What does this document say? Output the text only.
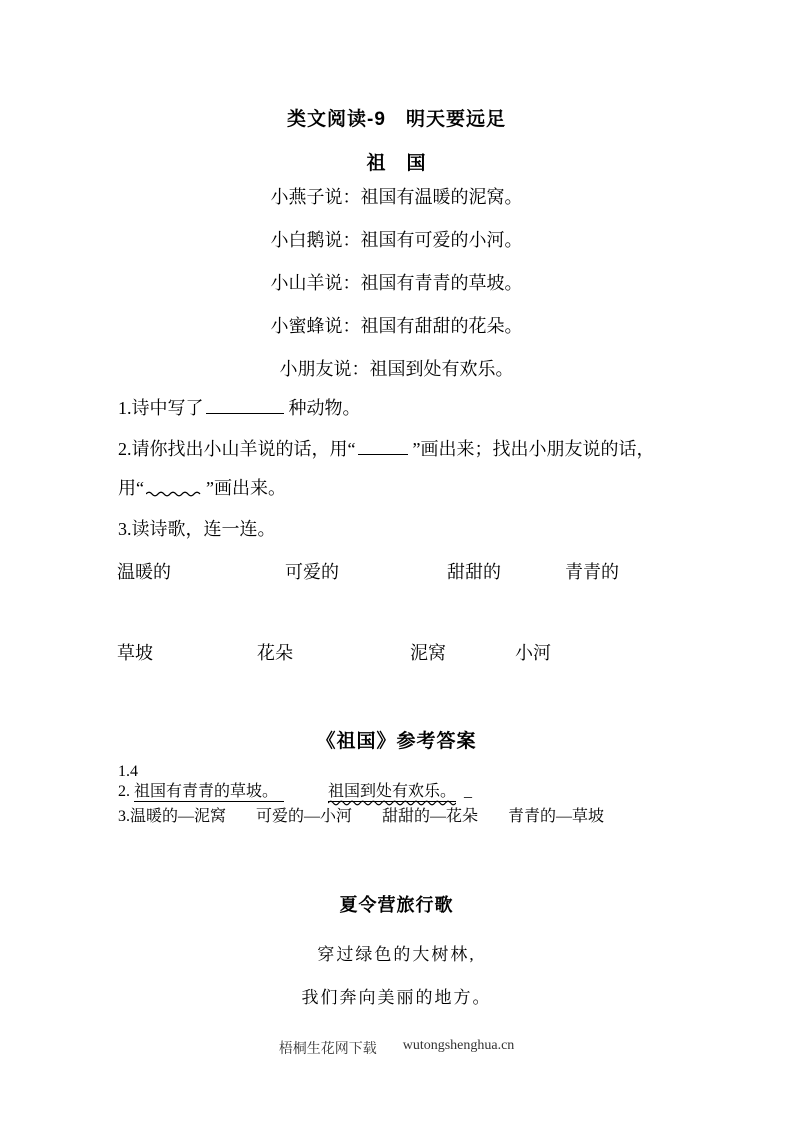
类文阅读-9　明天要远足
祖　国
小燕子说：祖国有温暖的泥窝。
小白鹅说：祖国有可爱的小河。
小山羊说：祖国有青青的草坡。
小蜜蜂说：祖国有甜甜的花朵。
小朋友说：祖国到处有欢乐。
1.诗中写了	种动物。
2.请你找出小山羊说的话，用“	”画出来；找出小朋友说的话，
用“	”画出来。
3.读诗歌，连一连。
温暖的	可爱的	甜甜的	青青的
草坡	花朵	泥窝	小河
《祖国》参考答案
1.4
2. 祖国有青青的草坡。	祖国到处有欢乐。 _
3.温暖的—泥窝 可爱的—小河 甜甜的—花朵 青青的—草坡
夏令营旅行歌
穿过绿色的大树林,
我们奔向美丽的地方。
梧桐生花网下载 wutongshenghua.cn
